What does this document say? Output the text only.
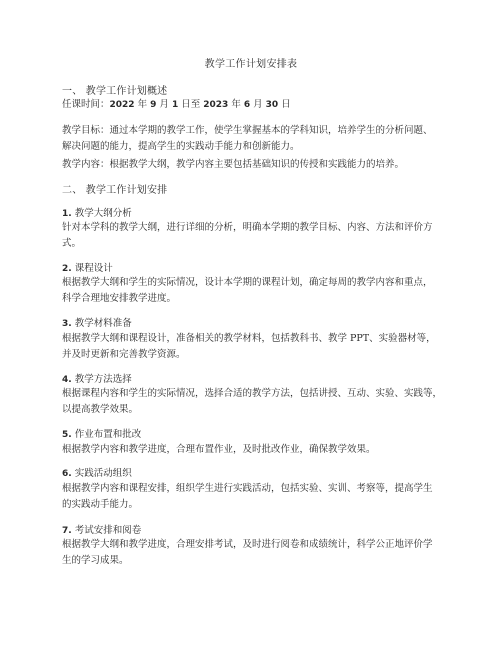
教学工作计划安排表
一、 教学工作计划概述
任课时间：2022 年 9 月 1 日至 2023 年 6 月 30 日
教学目标：通过本学期的教学工作，使学生掌握基本的学科知识，培养学生的分析问题、
解决问题的能力，提高学生的实践动手能力和创新能力。
教学内容：根据教学大纲，教学内容主要包括基础知识的传授和实践能力的培养。
二、 教学工作计划安排
1. 教学大纲分析
针对本学科的教学大纲，进行详细的分析，明确本学期的教学目标、内容、方法和评价方
式。
2. 课程设计
根据教学大纲和学生的实际情况，设计本学期的课程计划，确定每周的教学内容和重点，
科学合理地安排教学进度。
3. 教学材料准备
根据教学大纲和课程设计，准备相关的教学材料，包括教科书、教学 PPT、实验器材等，
并及时更新和完善教学资源。
4. 教学方法选择
根据课程内容和学生的实际情况，选择合适的教学方法，包括讲授、互动、实验、实践等，
以提高教学效果。
5. 作业布置和批改
根据教学内容和教学进度，合理布置作业，及时批改作业，确保教学效果。
6. 实践活动组织
根据教学内容和课程安排，组织学生进行实践活动，包括实验、实训、考察等，提高学生
的实践动手能力。
7. 考试安排和阅卷
根据教学大纲和教学进度，合理安排考试，及时进行阅卷和成绩统计，科学公正地评价学
生的学习成果。
